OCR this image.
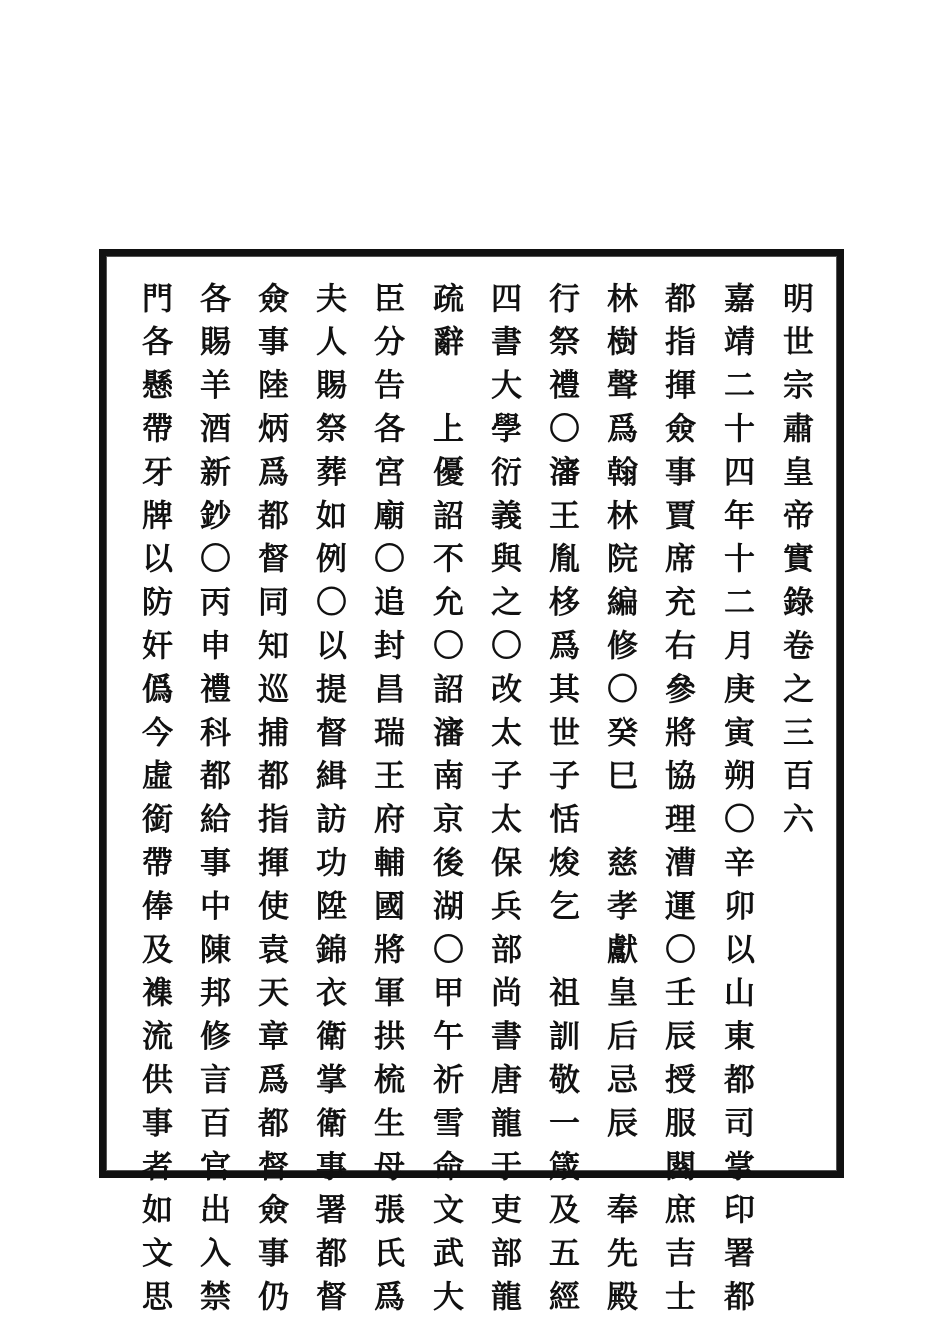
明世宗肅皇帝實錄卷之三百六
嘉靖二十四年十二月庚寅朔〇辛卯以山東都司掌印署都
都指揮僉事賈席充右參將協理漕運〇壬辰授服闋庶吉士
林樹聲爲翰林院編修〇癸巳　慈孝獻皇后忌辰　奉先殿
行祭禮〇瀋王胤栘爲其世子恬焌乞　祖訓敬一箴及五經
四書大學衍義與之〇改太子太保兵部尚書唐龍于吏部龍
疏辭　上優詔不允〇詔瀋南京後湖〇甲午祈雪命文武大
臣分告各宮廟〇追封昌瑞王府輔國將軍拱梳生母張氏爲
夫人賜祭葬如例〇以提督緝訪功陞錦衣衛掌衛事署都督
僉事陸炳爲都督同知巡捕都指揮使袁天章爲都督僉事仍
各賜羊酒新鈔〇丙申禮科都給事中陳邦修言百官出入禁
門各懸帶牙牌以防奸僞今虛銜帶俸及襍流供事者如文思
